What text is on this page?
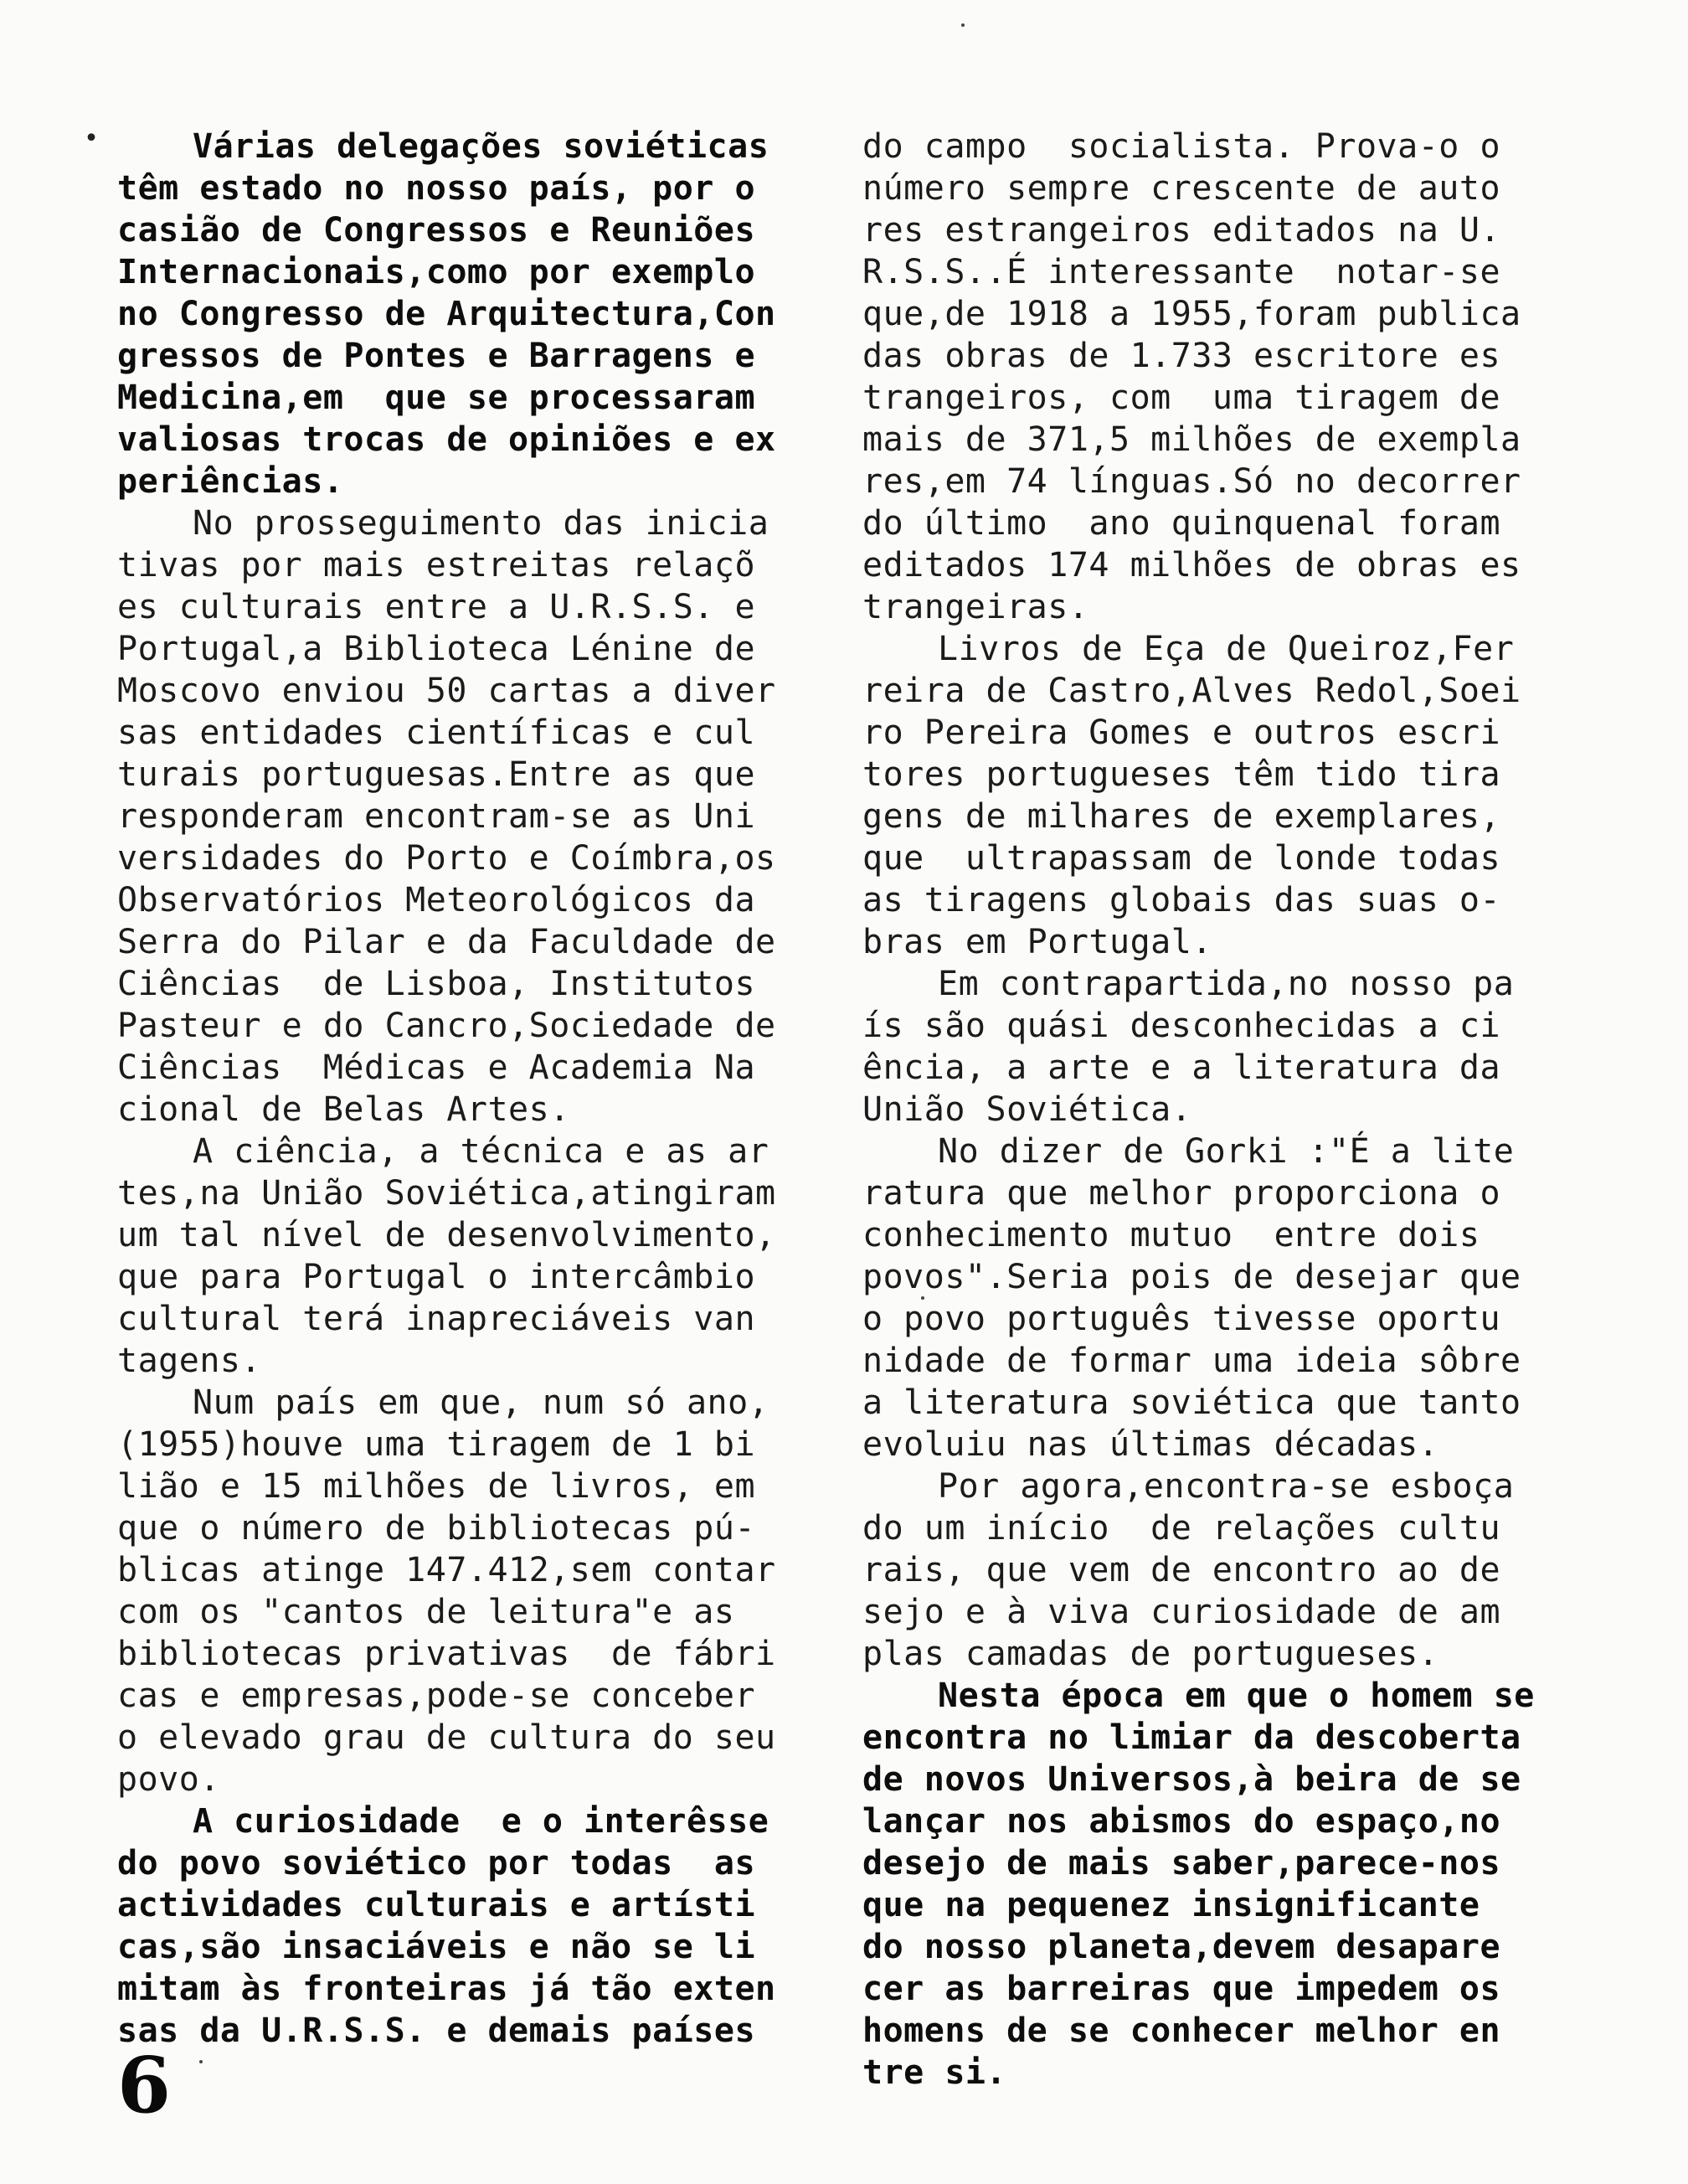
•	Várias delegações soviéticas
têm estado no nosso país, por o
casião de Congressos e Reuniões
Internacionais,como por exemplo
no Congresso de Arquitectura,Con
gressos de Pontes e Barragens e
Medicina,em  que se processaram
valiosas trocas de opiniões e ex
periências.
No prosseguimento das inicia
tivas por mais estreitas relaçõ
es culturais entre a U.R.S.S. e
Portugal,a Biblioteca Lénine de
Moscovo enviou 50 cartas a diver
sas entidades científicas e cul
turais portuguesas.Entre as que
responderam encontram-se as Uni
versidades do Porto e Coímbra,os
Observatórios Meteorológicos da
Serra do Pilar e da Faculdade de
Ciências  de Lisboa, Institutos
Pasteur e do Cancro,Sociedade de
Ciências  Médicas e Academia Na
cional de Belas Artes.
A ciência, a técnica e as ar
tes,na União Soviética,atingiram
um tal nível de desenvolvimento,
que para Portugal o intercâmbio
cultural terá inapreciáveis van
tagens.
Num país em que, num só ano,
(1955)houve uma tiragem de 1 bi
lião e 15 milhões de livros, em
que o número de bibliotecas pú-
blicas atinge 147.412,sem contar
com os "cantos de leitura"e as
bibliotecas privativas  de fábri
cas e empresas,pode-se conceber
o elevado grau de cultura do seu
povo.
A curiosidade  e o interêsse
do povo soviético por todas  as
actividades culturais e artísti
cas,são insaciáveis e não se li
mitam às fronteiras já tão exten
sas da U.R.S.S. e demais países
do campo  socialista. Prova-o o
número sempre crescente de auto
res estrangeiros editados na U.
R.S.S..É interessante  notar-se
que,de 1918 a 1955,foram publica
das obras de 1.733 escritore es
trangeiros, com  uma tiragem de
mais de 371,5 milhões de exempla
res,em 74 línguas.Só no decorrer
do último  ano quinquenal foram
editados 174 milhões de obras es
trangeiras.
Livros de Eça de Queiroz,Fer
reira de Castro,Alves Redol,Soei
ro Pereira Gomes e outros escri
tores portugueses têm tido tira
gens de milhares de exemplares,
que  ultrapassam de londe todas
as tiragens globais das suas o-
bras em Portugal.
Em contrapartida,no nosso pa
ís são quási desconhecidas a ci
ência, a arte e a literatura da
União Soviética.
No dizer de Gorki :"É a lite
ratura que melhor proporciona o
conhecimento mutuo  entre dois
povos".Seria pois de desejar que
o povo português tivesse oportu
nidade de formar uma ideia sôbre
a literatura soviética que tanto
evoluiu nas últimas décadas.
Por agora,encontra-se esboça
do um início  de relações cultu
rais, que vem de encontro ao de
sejo e à viva curiosidade de am
plas camadas de portugueses.
Nesta época em que o homem se
encontra no limiar da descoberta
de novos Universos,à beira de se
lançar nos abismos do espaço,no
desejo de mais saber,parece-nos
que na pequenez insignificante
do nosso planeta,devem desapare
cer as barreiras que impedem os
homens de se conhecer melhor en
tre si.
6
